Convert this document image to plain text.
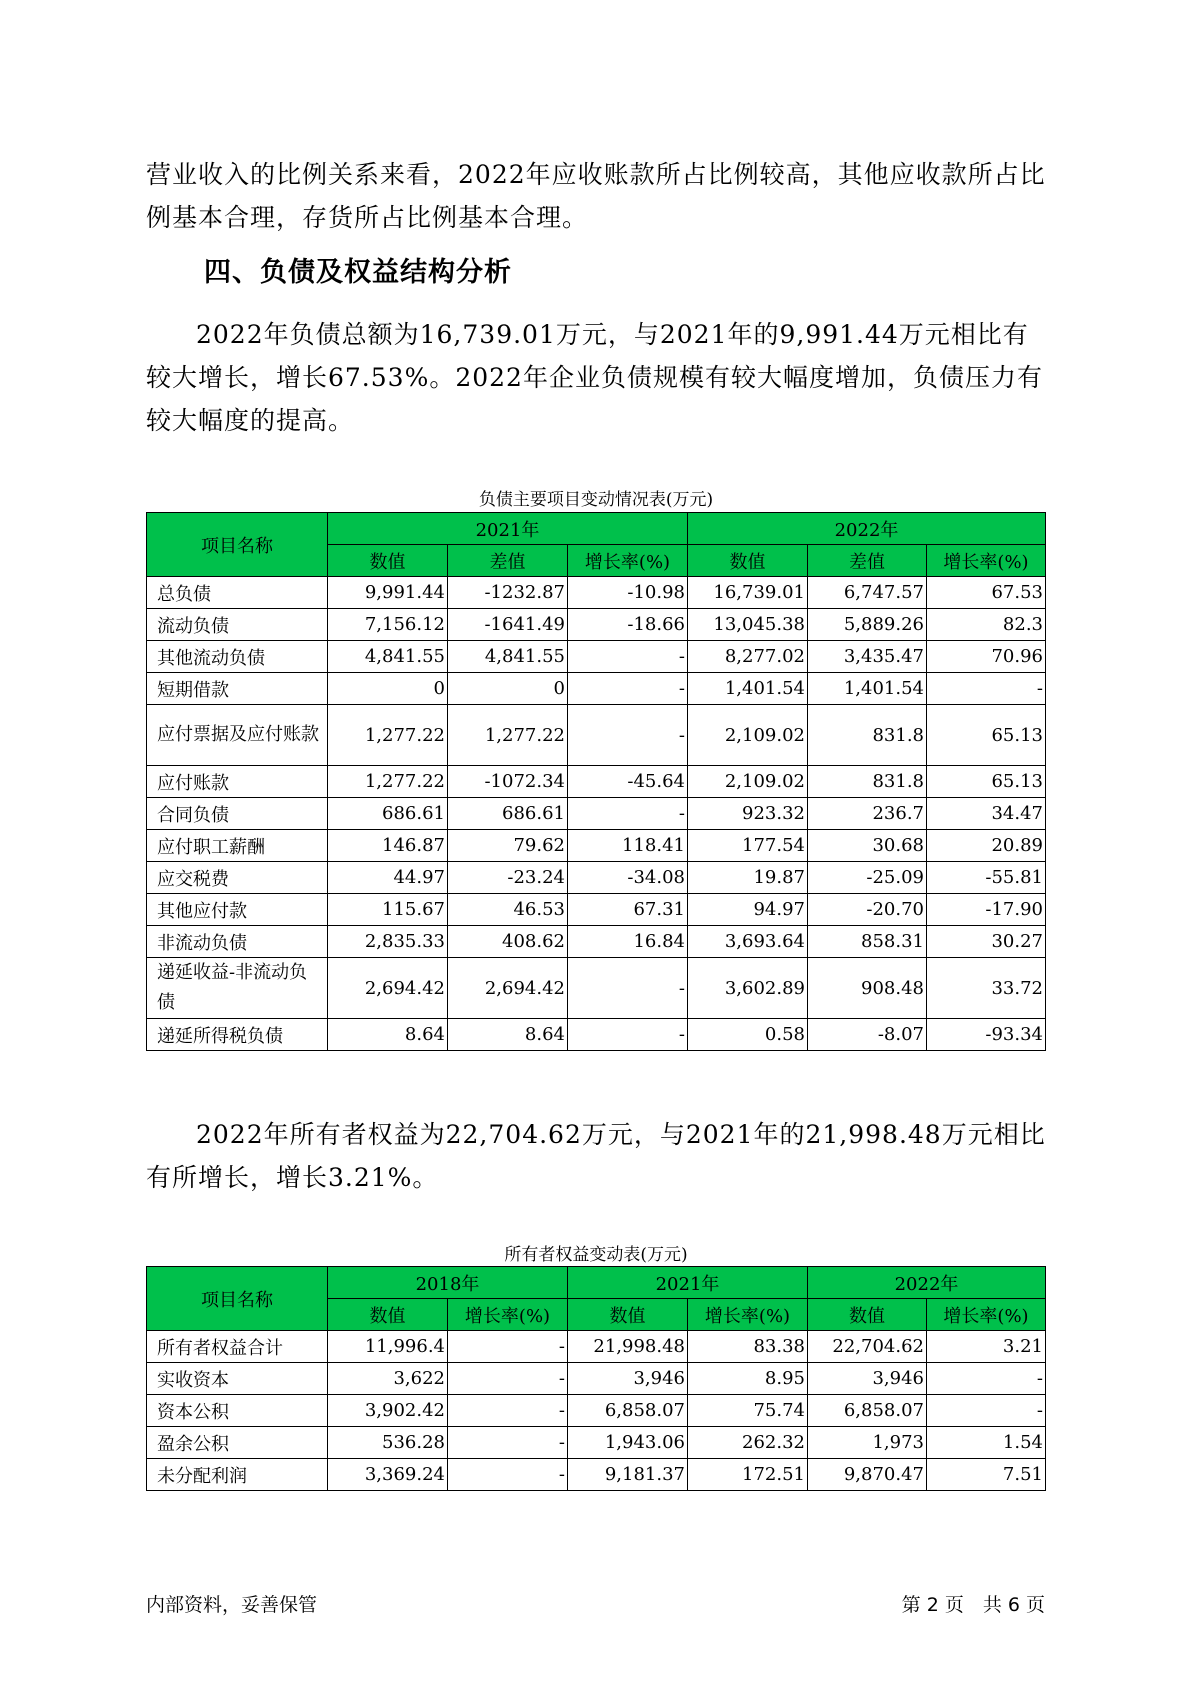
营业收入的比例关系来看，2022年应收账款所占比例较高，其他应收款所占比例基本合理，存货所占比例基本合理。

四、负债及权益结构分析

2022年负债总额为16,739.01万元，与2021年的9,991.44万元相比有较大增长，增长67.53%。2022年企业负债规模有较大幅度增加，负债压力有较大幅度的提高。

负债主要项目变动情况表(万元)
项目名称	2021年			2022年		
	数值	差值	增长率(%)	数值	差值	增长率(%)
总负债	9,991.44	-1232.87	-10.98	16,739.01	6,747.57	67.53
流动负债	7,156.12	-1641.49	-18.66	13,045.38	5,889.26	82.3
其他流动负债	4,841.55	4,841.55	-	8,277.02	3,435.47	70.96
短期借款	0	0	-	1,401.54	1,401.54	-
应付票据及应付账款	1,277.22	1,277.22	-	2,109.02	831.8	65.13
应付账款	1,277.22	-1072.34	-45.64	2,109.02	831.8	65.13
合同负债	686.61	686.61	-	923.32	236.7	34.47
应付职工薪酬	146.87	79.62	118.41	177.54	30.68	20.89
应交税费	44.97	-23.24	-34.08	19.87	-25.09	-55.81
其他应付款	115.67	46.53	67.31	94.97	-20.70	-17.90
非流动负债	2,835.33	408.62	16.84	3,693.64	858.31	30.27
递延收益-非流动负债	2,694.42	2,694.42	-	3,602.89	908.48	33.72
递延所得税负债	8.64	8.64	-	0.58	-8.07	-93.34

2022年所有者权益为22,704.62万元，与2021年的21,998.48万元相比有所增长，增长3.21%。

所有者权益变动表(万元)
项目名称	2018年		2021年		2022年	
	数值	增长率(%)	数值	增长率(%)	数值	增长率(%)
所有者权益合计	11,996.4	-	21,998.48	83.38	22,704.62	3.21
实收资本	3,622	-	3,946	8.95	3,946	-
资本公积	3,902.42	-	6,858.07	75.74	6,858.07	-
盈余公积	536.28	-	1,943.06	262.32	1,973	1.54
未分配利润	3,369.24	-	9,181.37	172.51	9,870.47	7.51
内部资料，妥善保管	第 2 页　共 6 页
